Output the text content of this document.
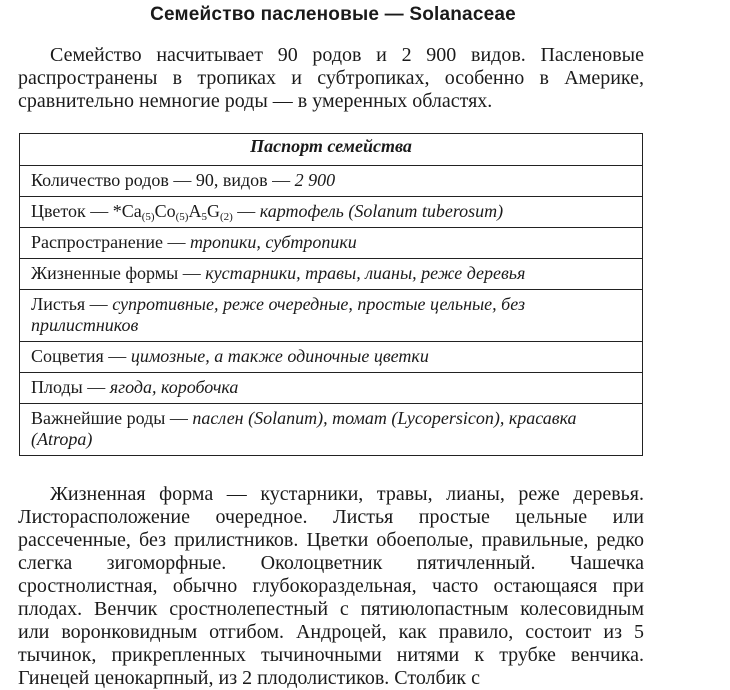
Семейство пасленовые — Solanaceae
Семейство насчитывает 90 родов и 2 900 видов. Пасленовые распространены в тропиках и субтропиках, особенно в Америке, сравнительно немногие роды — в умеренных областях.
Паспорт семейства
Количество родов — 90, видов — 2 900
Цветок — $*Ca_{(5)}Co_{(5)}A_5G_{(2)}$ — картофель (Solanum tuberosum)
Распространение — тропики, субтропики
Жизненные формы — кустарники, травы, лианы, реже деревья
Листья — супротивные, реже очередные, простые цельные, без прилистников
Соцветия — цимозные, а также одиночные цветки
Плоды — ягода, коробочка
Важнейшие роды — паслен (Solanum), томат (Lycopersicon), красавка (Atropa)
Жизненная форма — кустарники, травы, лианы, реже деревья. Листорасположение очередное. Листья простые цельные или рассеченные, без прилистников. Цветки обоеполые, правильные, редко слегка зигоморфные. Околоцветник пятичленный. Чашечка сростнолистная, обычно глубокораздельная, часто остающаяся при плодах. Венчик сростнолепестный с пятиюлопастным колесовидным или воронковидным отгибом. Андроцей, как правило, состоит из 5 тычинок, прикрепленных тычиночными нитями к трубке венчика. Гинецей ценокарпный, из 2 плодолистиков. Столбик с
